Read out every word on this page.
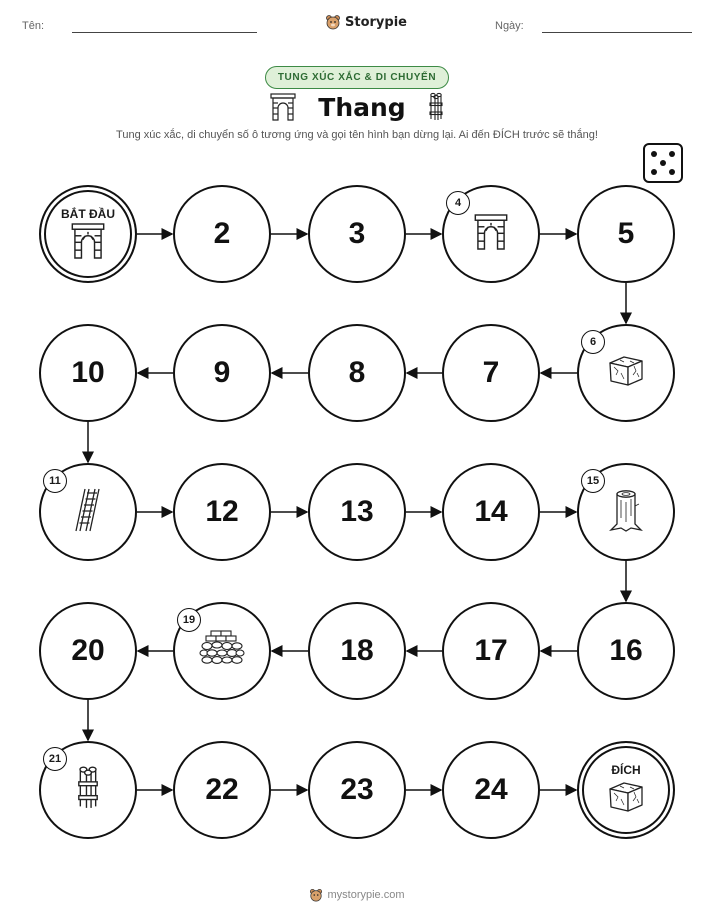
Tên:	Storypie	Ngày:
TUNG XÚC XẮC & DI CHUYỂN
Thang
Tung xúc xắc, di chuyển số ô tương ứng và gọi tên hình bạn dừng lại. Ai đến ĐÍCH trước sẽ thắng!
BẮT ĐẦU
2	3
4
5
6
7
8
9
10
11
12	13	14
15
16
17
18
19
20
21
22	23	24
ĐÍCH
mystorypie.com
